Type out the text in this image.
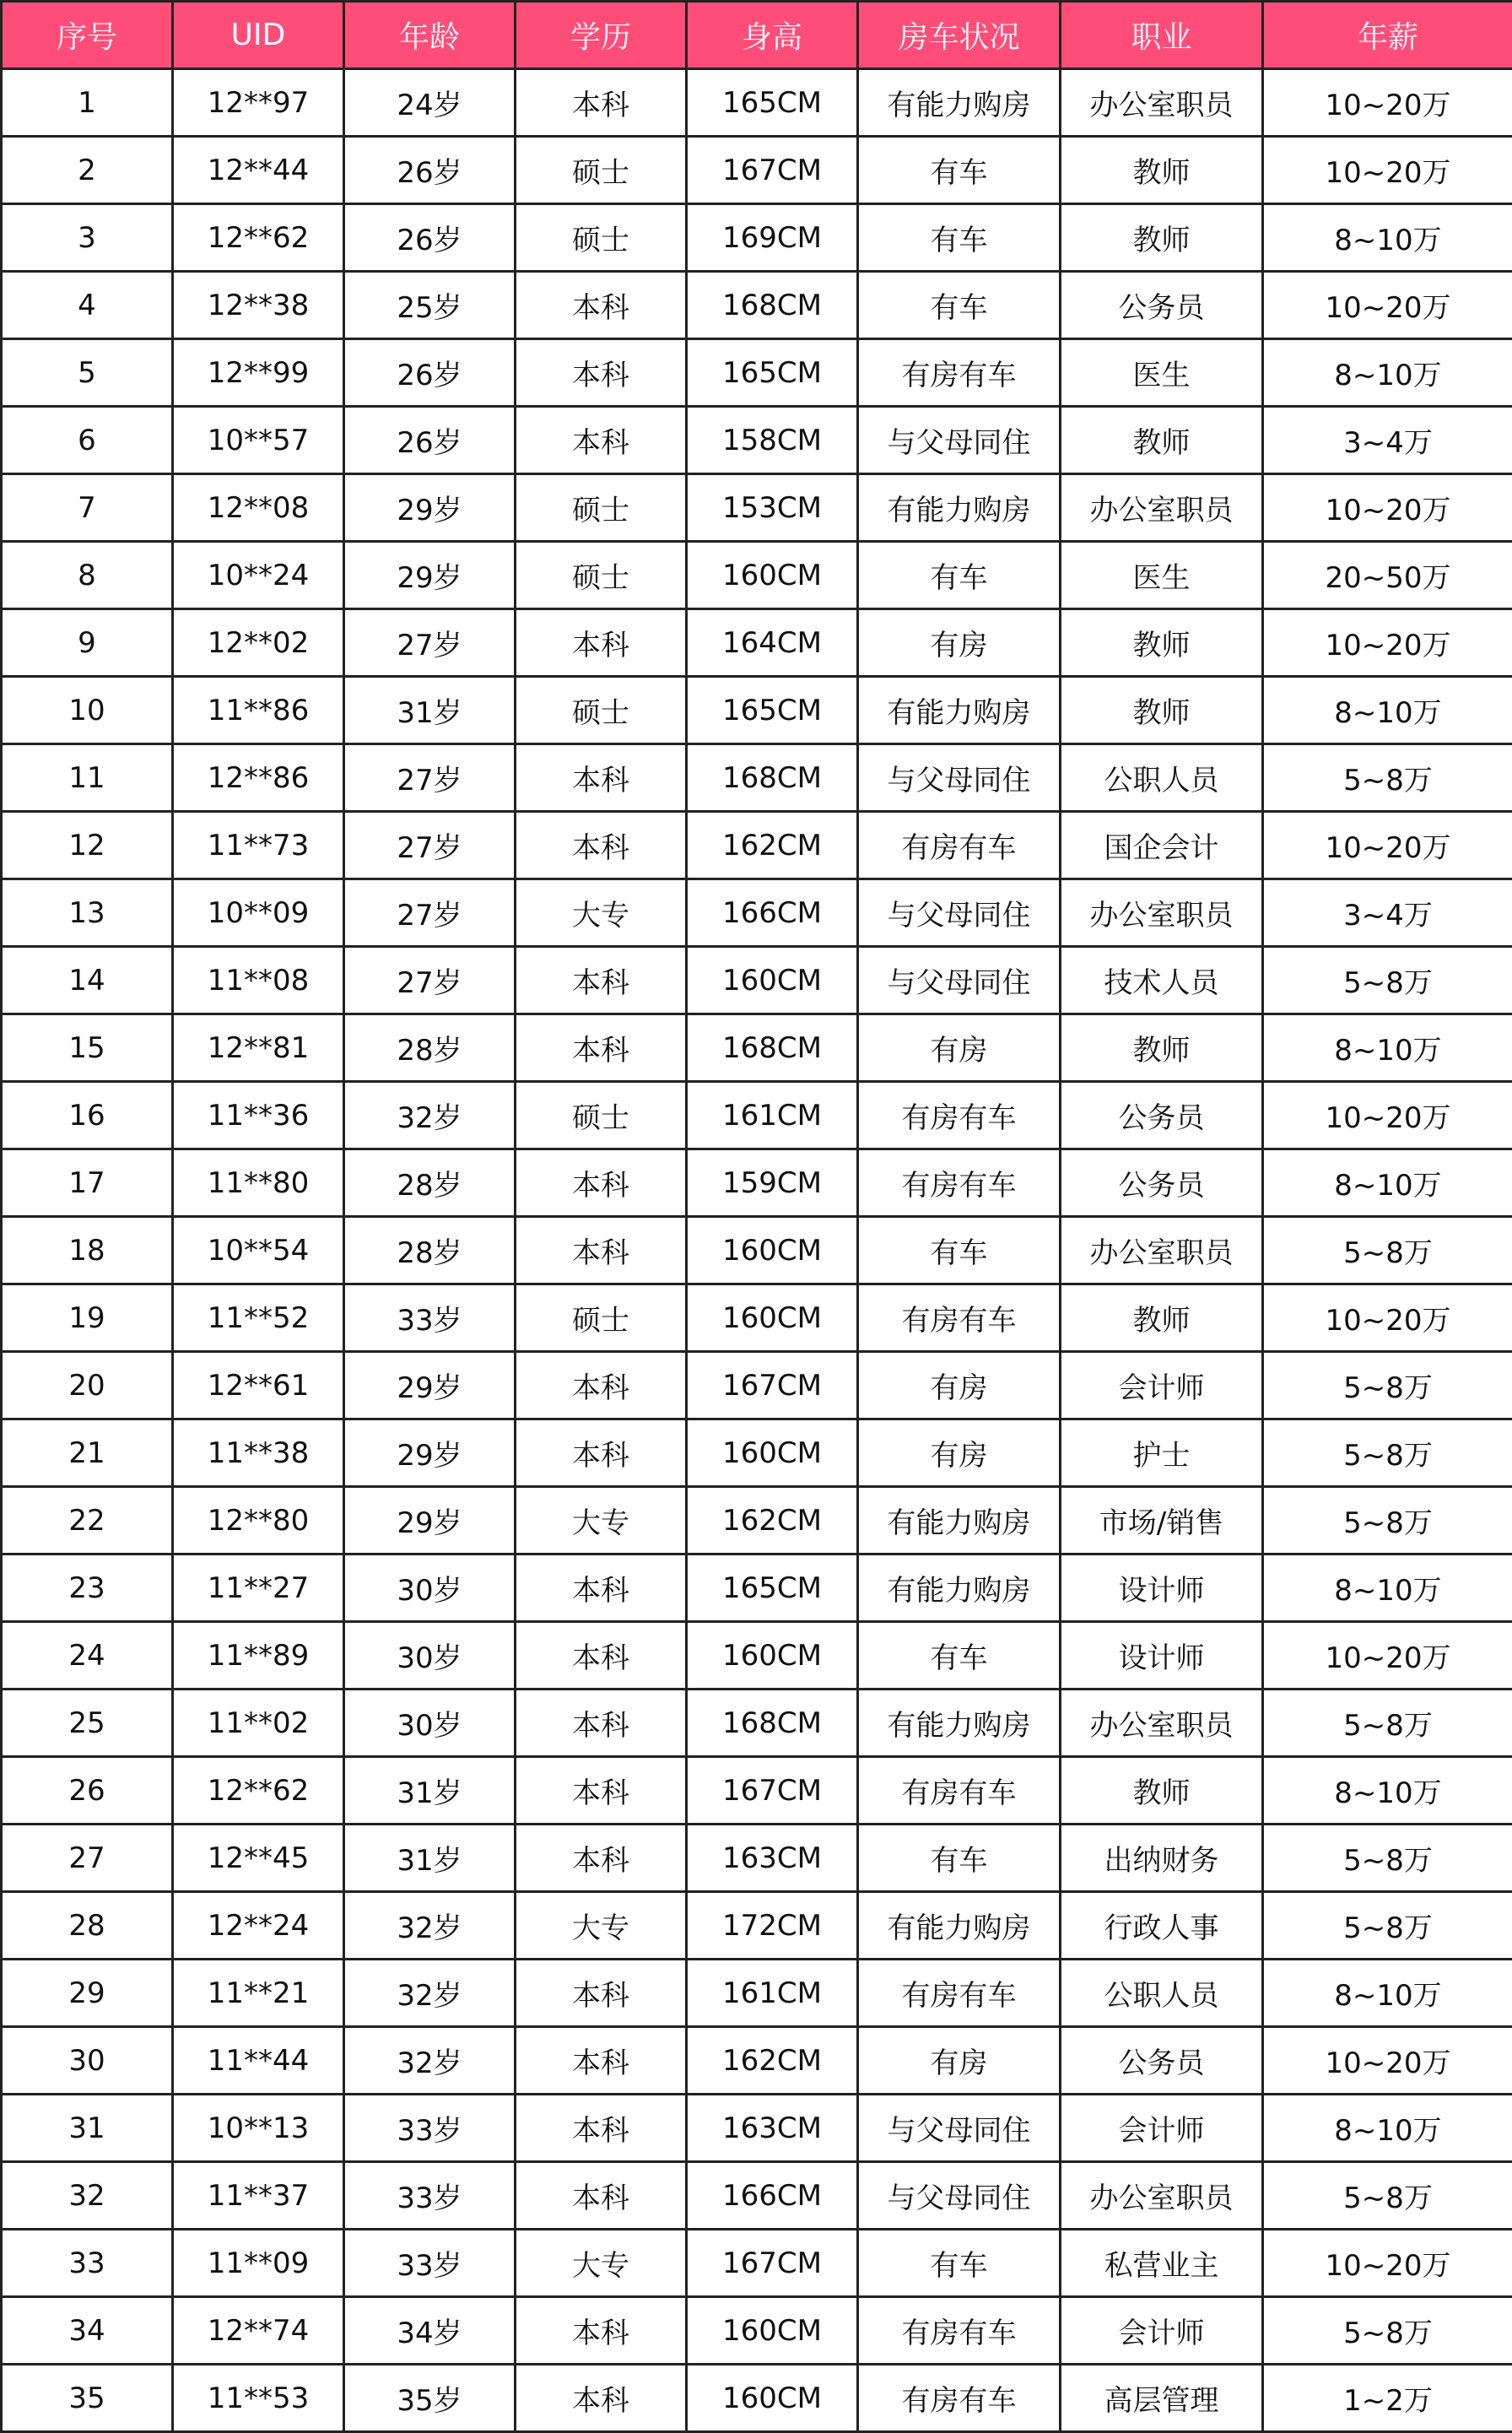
序号	UID	年龄	学历	身高	房车状况	职业	年薪
1	12**97	24岁	本科	165CM	有能力购房	办公室职员	10~20万
2	12**44	26岁	硕士	167CM	有车	教师	10~20万
3	12**62	26岁	硕士	169CM	有车	教师	8~10万
4	12**38	25岁	本科	168CM	有车	公务员	10~20万
5	12**99	26岁	本科	165CM	有房有车	医生	8~10万
6	10**57	26岁	本科	158CM	与父母同住	教师	3~4万
7	12**08	29岁	硕士	153CM	有能力购房	办公室职员	10~20万
8	10**24	29岁	硕士	160CM	有车	医生	20~50万
9	12**02	27岁	本科	164CM	有房	教师	10~20万
10	11**86	31岁	硕士	165CM	有能力购房	教师	8~10万
11	12**86	27岁	本科	168CM	与父母同住	公职人员	5~8万
12	11**73	27岁	本科	162CM	有房有车	国企会计	10~20万
13	10**09	27岁	大专	166CM	与父母同住	办公室职员	3~4万
14	11**08	27岁	本科	160CM	与父母同住	技术人员	5~8万
15	12**81	28岁	本科	168CM	有房	教师	8~10万
16	11**36	32岁	硕士	161CM	有房有车	公务员	10~20万
17	11**80	28岁	本科	159CM	有房有车	公务员	8~10万
18	10**54	28岁	本科	160CM	有车	办公室职员	5~8万
19	11**52	33岁	硕士	160CM	有房有车	教师	10~20万
20	12**61	29岁	本科	167CM	有房	会计师	5~8万
21	11**38	29岁	本科	160CM	有房	护士	5~8万
22	12**80	29岁	大专	162CM	有能力购房	市场/销售	5~8万
23	11**27	30岁	本科	165CM	有能力购房	设计师	8~10万
24	11**89	30岁	本科	160CM	有车	设计师	10~20万
25	11**02	30岁	本科	168CM	有能力购房	办公室职员	5~8万
26	12**62	31岁	本科	167CM	有房有车	教师	8~10万
27	12**45	31岁	本科	163CM	有车	出纳财务	5~8万
28	12**24	32岁	大专	172CM	有能力购房	行政人事	5~8万
29	11**21	32岁	本科	161CM	有房有车	公职人员	8~10万
30	11**44	32岁	本科	162CM	有房	公务员	10~20万
31	10**13	33岁	本科	163CM	与父母同住	会计师	8~10万
32	11**37	33岁	本科	166CM	与父母同住	办公室职员	5~8万
33	11**09	33岁	大专	167CM	有车	私营业主	10~20万
34	12**74	34岁	本科	160CM	有房有车	会计师	5~8万
35	11**53	35岁	本科	160CM	有房有车	高层管理	1~2万
